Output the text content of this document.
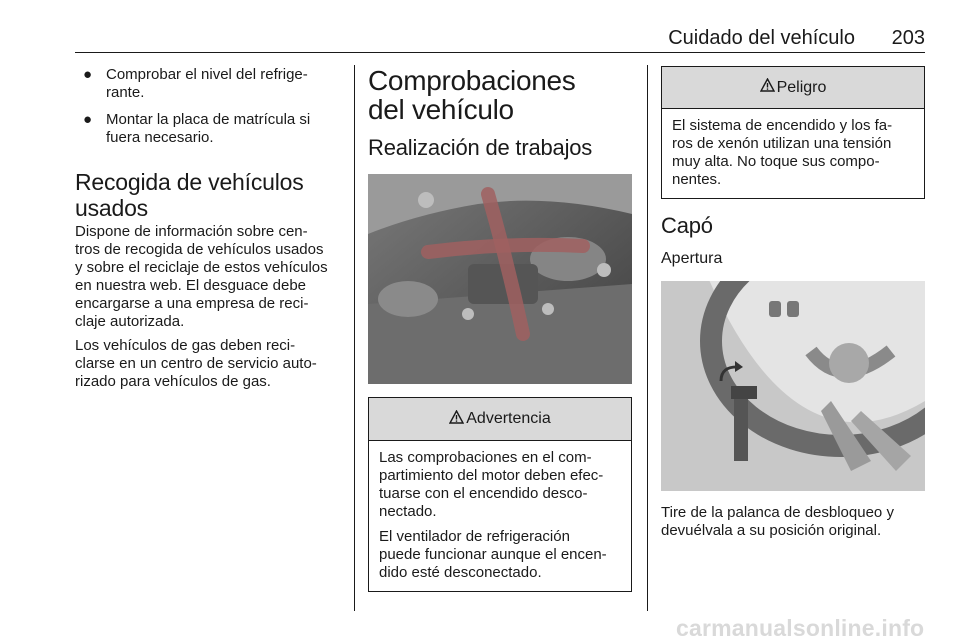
Cuidado del vehículo 203
● Comprobar el nivel del refrige-
rante.
● Montar la placa de matrícula si
fuera necesario.
Recogida de vehículos usados

Dispone de información sobre cen-
tros de recogida de vehículos usados
y sobre el reciclaje de estos vehículos
en nuestra web. El desguace debe
encargarse a una empresa de reci-
claje autorizada.

Los vehículos de gas deben reci-
clarse en un centro de servicio auto-
rizado para vehículos de gas.

Comprobaciones del vehículo
Realización de trabajos
Advertencia

Las comprobaciones en el com-
partimiento del motor deben efec-
tuarse con el encendido desco-
nectado.

El ventilador de refrigeración
puede funcionar aunque el encen-
dido esté desconectado.

Peligro

El sistema de encendido y los fa-
ros de xenón utilizan una tensión
muy alta. No toque sus compo-
nentes.

Capó
Apertura

Tire de la palanca de desbloqueo y
devuélvala a su posición original.

carmanualsonline.info
